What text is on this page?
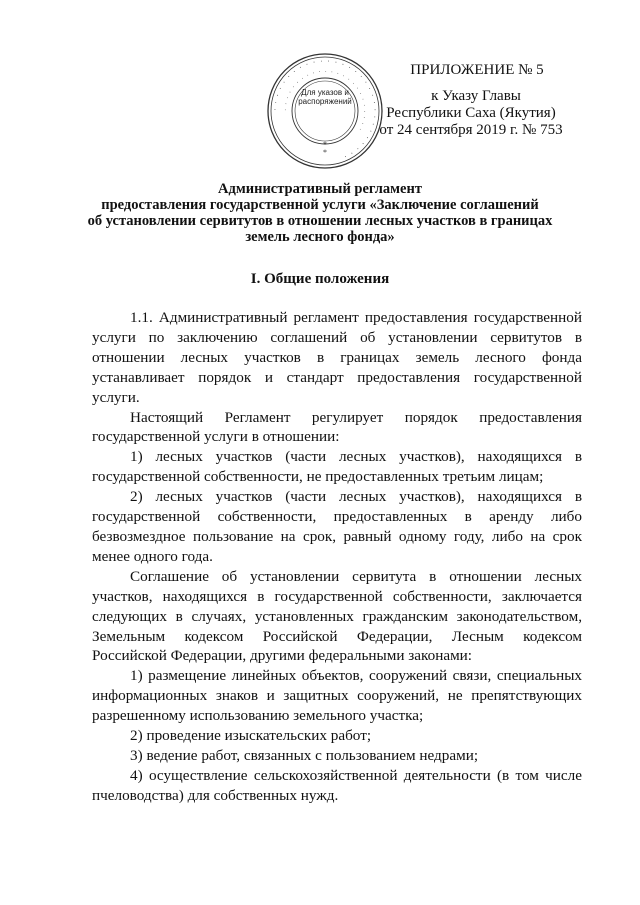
· · · · · · · · · · · · · · · · · · · · · · · · · · · · · ·
· · · · · · · · · · · · · · · · · · · · · · · ·
*
*
Для указов и распоряжений
ПРИЛОЖЕНИЕ № 5
к Указу Главы
Республики Саха (Якутия)
от 24 сентября 2019 г. № 753
Административный регламент
предоставления государственной услуги «Заключение соглашений
об установлении сервитутов в отношении лесных участков в границах
земель лесного фонда»
I. Общие положения

1.1. Административный регламент предоставления государственной услуги по заключению соглашений об установлении сервитутов в отношении лесных участков в границах земель лесного фонда устанавливает порядок и стандарт предоставления государственной услуги.

Настоящий Регламент регулирует порядок предоставления государственной услуги в отношении:

1) лесных участков (части лесных участков), находящихся в государственной собственности, не предоставленных третьим лицам;

2) лесных участков (части лесных участков), находящихся в государственной собственности, предоставленных в аренду либо безвозмездное пользование на срок, равный одному году, либо на срок менее одного года.

Соглашение об установлении сервитута в отношении лесных участков, находящихся в государственной собственности, заключается следующих в случаях, установленных гражданским законодательством, Земельным кодексом Российской Федерации, Лесным кодексом Российской Федерации, другими федеральными законами:

1) размещение линейных объектов, сооружений связи, специальных информационных знаков и защитных сооружений, не препятствующих разрешенному использованию земельного участка;

2) проведение изыскательских работ;

3) ведение работ, связанных с пользованием недрами;

4) осуществление сельскохозяйственной деятельности (в том числе пчеловодства) для собственных нужд.
